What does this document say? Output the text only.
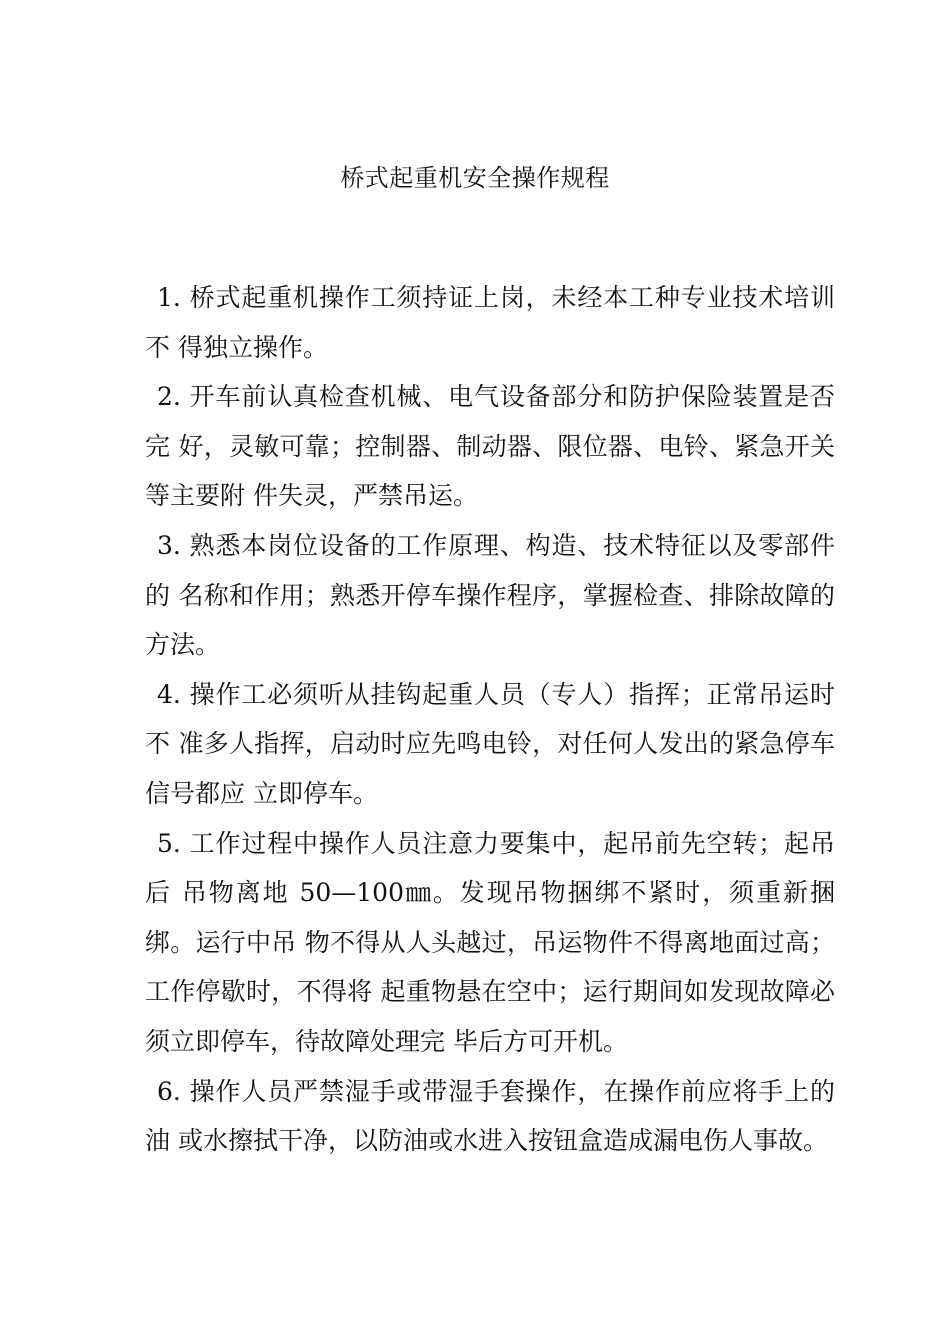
桥式起重机安全操作规程

1. 桥式起重机操作工须持证上岗，未经本工种专业技术培训不 得独立操作。

2. 开车前认真检查机械、电气设备部分和防护保险装置是否完 好，灵敏可靠；控制器、制动器、限位器、电铃、紧急开关等主要附 件失灵，严禁吊运。

3. 熟悉本岗位设备的工作原理、构造、技术特征以及零部件的 名称和作用；熟悉开停车操作程序，掌握检查、排除故障的方法。

4. 操作工必须听从挂钩起重人员（专人）指挥；正常吊运时不 准多人指挥，启动时应先鸣电铃，对任何人发出的紧急停车信号都应 立即停车。

5. 工作过程中操作人员注意力要集中，起吊前先空转；起吊后 吊物离地 50—100㎜。发现吊物捆绑不紧时，须重新捆绑。运行中吊 物不得从人头越过，吊运物件不得离地面过高；工作停歇时，不得将 起重物悬在空中；运行期间如发现故障必须立即停车，待故障处理完 毕后方可开机。

6. 操作人员严禁湿手或带湿手套操作，在操作前应将手上的油 或水擦拭干净，以防油或水进入按钮盒造成漏电伤人事故。
